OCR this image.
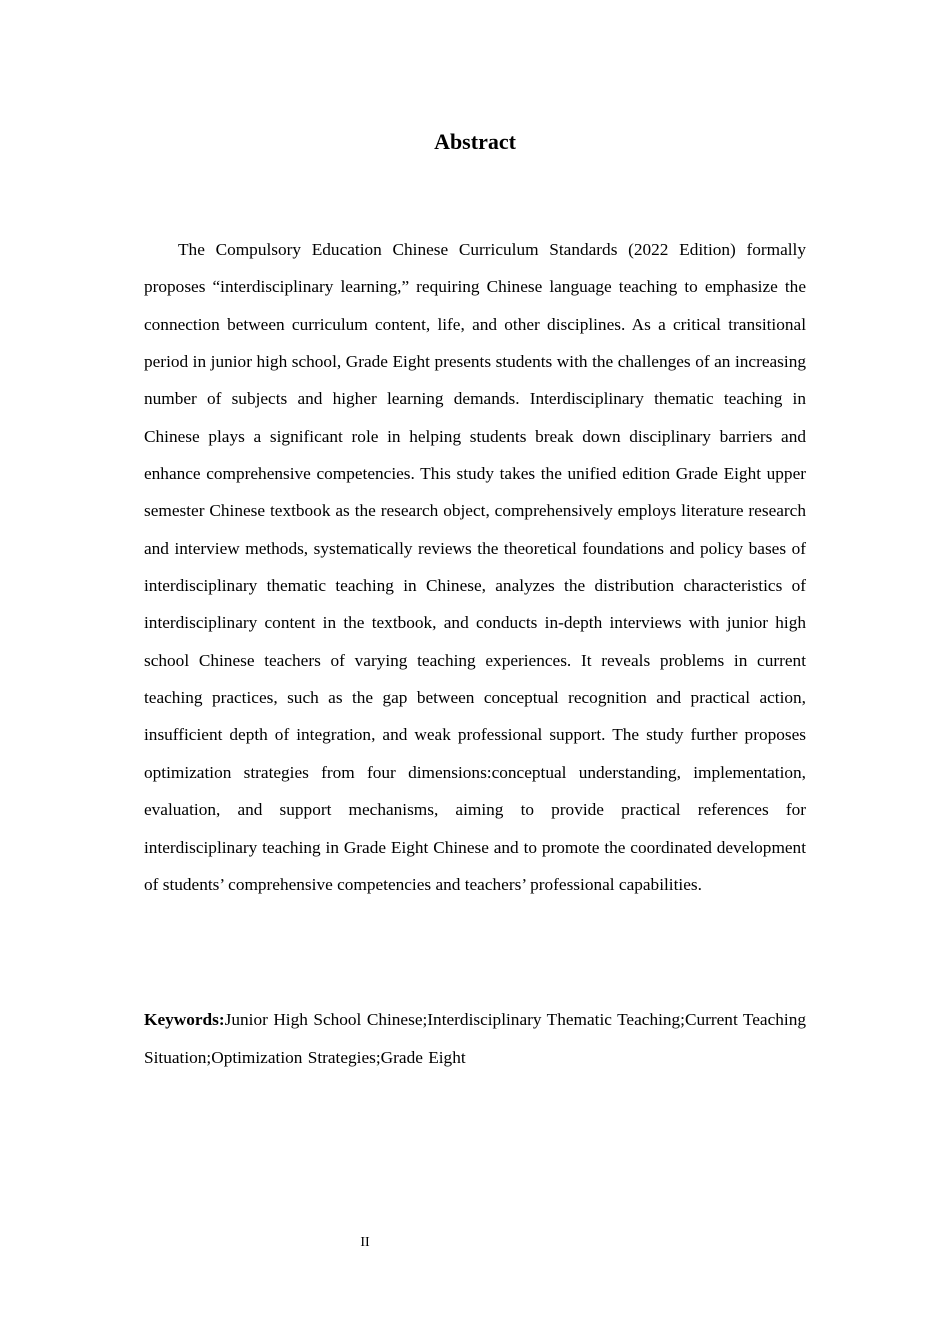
Abstract

The Compulsory Education Chinese Curriculum Standards (2022 Edition) formally proposes “interdisciplinary learning,” requiring Chinese language teaching to emphasize the connection between curriculum content, life, and other disciplines. As a critical transitional period in junior high school, Grade Eight presents students with the challenges of an increasing number of subjects and higher learning demands. Interdisciplinary thematic teaching in Chinese plays a significant role in helping students break down disciplinary barriers and enhance comprehensive competencies. This study takes the unified edition Grade Eight upper semester Chinese textbook as the research object, comprehensively employs literature research and interview methods, systematically reviews the theoretical foundations and policy bases of interdisciplinary thematic teaching in Chinese, analyzes the distribution characteristics of interdisciplinary content in the textbook, and conducts in-depth interviews with junior high school Chinese teachers of varying teaching experiences. It reveals problems in current teaching practices, such as the gap between conceptual recognition and practical action, insufficient depth of integration, and weak professional support. The study further proposes optimization strategies from four dimensions:conceptual understanding, implementation, evaluation, and support mechanisms, aiming to provide practical references for interdisciplinary teaching in Grade Eight Chinese and to promote the coordinated development of students’ comprehensive competencies and teachers’ professional capabilities.

Keywords:Junior High School Chinese;Interdisciplinary Thematic Teaching;Current Teaching Situation;Optimization Strategies;Grade Eight

II
